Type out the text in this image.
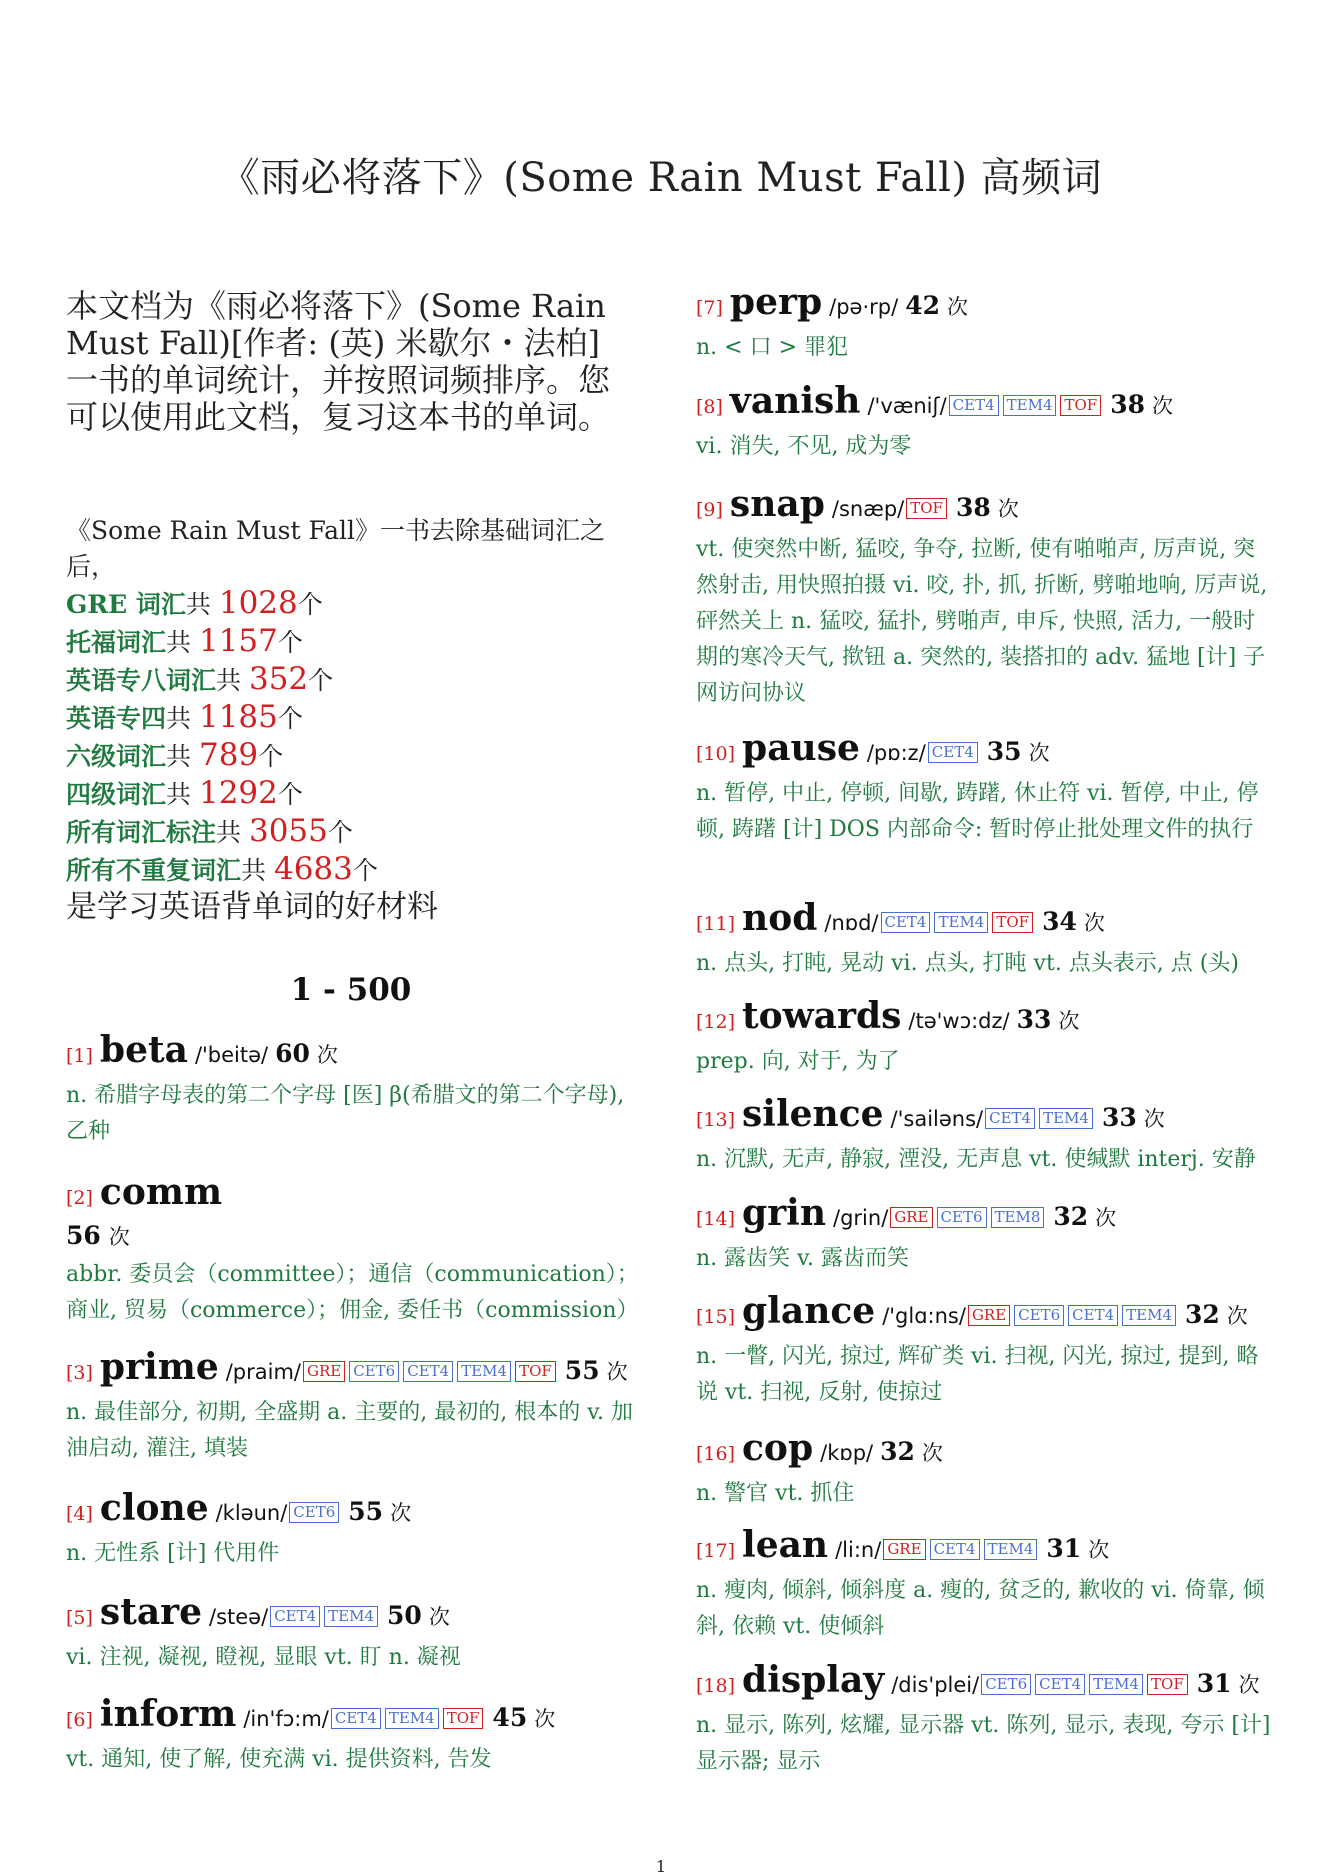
《雨必将落下》(Some Rain Must Fall) 高频词
本文档为《雨必将落下》(Some Rain Must Fall)[作者: (英) 米歇尔・法柏] 一书的单词统计，并按照词频排序。您可以使用此文档，复习这本书的单词。
《Some Rain Must Fall》一书去除基础词汇之后，
GRE 词汇共 1028个
托福词汇共 1157个
英语专八词汇共 352个
英语专四共 1185个
六级词汇共 789个
四级词汇共 1292个
所有词汇标注共 3055个
所有不重复词汇共 4683个
是学习英语背单词的好材料
1 - 500
[1] beta /'beitə/ 60 次
n. 希腊字母表的第二个字母 [医] β(希腊文的第二个字母), 乙种
[2] comm
56 次
abbr. 委员会（committee）；通信（communication）；商业, 贸易（commerce）；佣金, 委任书（commission）
[3] prime /praim/ GRE CET6 CET4 TEM4 TOF 55 次
n. 最佳部分, 初期, 全盛期 a. 主要的, 最初的, 根本的 v. 加油启动, 灌注, 填装
[4] clone /kləun/ CET6 55 次
n. 无性系 [计] 代用件
[5] stare /steə/ CET4 TEM4 50 次
vi. 注视, 凝视, 瞪视, 显眼 vt. 盯 n. 凝视
[6] inform /in'fɔ:m/ CET4 TEM4 TOF 45 次
vt. 通知, 使了解, 使充满 vi. 提供资料, 告发
[7] perp /pə·rp/ 42 次
n. < 口 > 罪犯
[8] vanish /'væniʃ/ CET4 TEM4 TOF 38 次
vi. 消失, 不见, 成为零
[9] snap /snæp/ TOF 38 次
vt. 使突然中断, 猛咬, 争夺, 拉断, 使有啪啪声, 厉声说, 突然射击, 用快照拍摄 vi. 咬, 扑, 抓, 折断, 劈啪地响, 厉声说, 砰然关上 n. 猛咬, 猛扑, 劈啪声, 申斥, 快照, 活力, 一般时期的寒冷天气, 揿钮 a. 突然的, 装搭扣的 adv. 猛地 [计] 子网访问协议
[10] pause /pɒ:z/ CET4 35 次
n. 暂停, 中止, 停顿, 间歇, 踌躇, 休止符 vi. 暂停, 中止, 停顿, 踌躇 [计] DOS 内部命令: 暂时停止批处理文件的执行
[11] nod /nɒd/ CET4 TEM4 TOF 34 次
n. 点头, 打盹, 晃动 vi. 点头, 打盹 vt. 点头表示, 点 (头)
[12] towards /tə'wɔ:dz/ 33 次
prep. 向, 对于, 为了
[13] silence /'sailəns/ CET4 TEM4 33 次
n. 沉默, 无声, 静寂, 湮没, 无声息 vt. 使缄默 interj. 安静
[14] grin /grin/ GRE CET6 TEM8 32 次
n. 露齿笑 v. 露齿而笑
[15] glance /'glɑ:ns/ GRE CET6 CET4 TEM4 32 次
n. 一瞥, 闪光, 掠过, 辉矿类 vi. 扫视, 闪光, 掠过, 提到, 略说 vt. 扫视, 反射, 使掠过
[16] cop /kɒp/ 32 次
n. 警官 vt. 抓住
[17] lean /li:n/ GRE CET4 TEM4 31 次
n. 瘦肉, 倾斜, 倾斜度 a. 瘦的, 贫乏的, 歉收的 vi. 倚靠, 倾斜, 依赖 vt. 使倾斜
[18] display /dis'plei/ CET6 CET4 TEM4 TOF 31 次
n. 显示, 陈列, 炫耀, 显示器 vt. 陈列, 显示, 表现, 夸示 [计] 显示器; 显示
1
